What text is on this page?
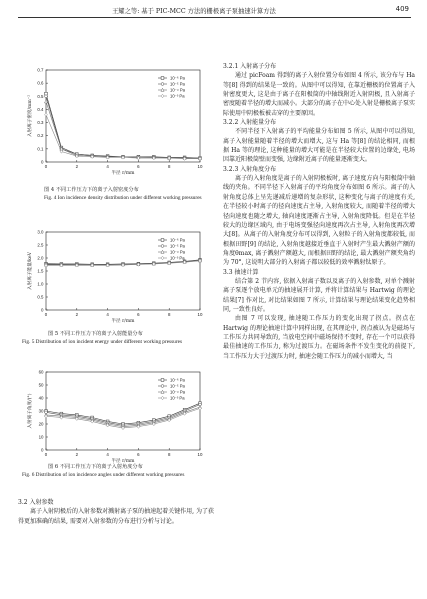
王耀之等: 基于 PIC-MCC 方法的栅极离子泵抽速计算方法	409
0
0.1
0.2
0.3
0.4
0.5
0.6
0.7
0	2	4	6	8	10
半径 r/mm
入射离子密度/mm⁻²
10⁻⁶ Pa
10⁻⁵ Pa
10⁻⁴ Pa
10⁻³ Pa
图 4 不同工作压力下的离子入射密度分布
Fig. 4 Ion incidence density distribution under different working pressures
0
0.5
1.0
1.5
2.0
2.5
3.0
0	2	4	6	8	10
半径 r/mm
入射离子能量/keV
10⁻⁶ Pa
10⁻⁵ Pa
10⁻⁴ Pa
10⁻³ Pa
图 5 不同工作压力下的离子入射能量分布
Fig. 5 Distribution of ion incident energy under different working pressures
0
10
20
30
40
50
60
0	2	4	6	8	10
半径 r/mm
入射离子角度/(°)
10⁻⁶ Pa
10⁻⁵ Pa
10⁻⁴ Pa
10⁻³ Pa
图 6 不同工作压力下的离子入射角度分布
Fig. 6 Distribution of ion incidence angles under different working pressures
3.2 入射参数

离子入射阴极后的入射参数对溅射离子泵的抽速起着关键作用, 为了获得更加准确的结果, 需要对入射参数的分布进行分析与讨论。

3.2.1 入射离子分布

通过 picFoam 得到的离子入射位置分布如图 4 所示, 该分布与 Ha 等[8] 得到的结果是一致的。从图中可以得知, 在靠近栅极的位置离子入射密度更大, 这是由于离子在阳极筒的中轴线附近入射阴极, 且入射离子密度随着半径的增大而减小。大部分的离子在中心处入射是栅极离子泵实际使用中阴极板被击穿的主要原因。

3.2.2 入射能量分布

不同半径下入射离子的平均能量分布如图 5 所示, 从图中可以得知, 离子入射能量随着半径的增大而增大, 这与 Ha 等[8] 的结论相同, 而根据 Ha 等的理论, 这种能量的增大可能是在半径较大位置的边缘处, 电场因靠近阳极筒壁而变强, 边缘附近离子的能量逐渐变大。

3.2.3 入射角度分布

离子的入射角度是离子的入射阴极板时, 离子速度方向与阳极筒中轴线的夹角。不同半径下入射离子的平均角度分布如图 6 所示。离子的入射角度总体上呈先递减后递增的复杂形状, 这种变化与离子的速度有关, 在半径较小时离子的径向速度占主导, 入射角度较大, 而随着半径的增大径向速度也随之增大, 轴向速度逐渐占主导, 入射角度降低。但是在半径较大的边缘区域内, 由于电场变强径向速度再次占主导, 入射角度再次增大[8]。从离子的入射角度分布可以得到, 入射粒子的入射角度都较低, 而根据田野[9] 的结论, 入射角度越接近垂直于入射时产生最大溅射产额的角度θmax, 离子溅射产额越大, 而根据田野的结论, 最大溅射产额夹角约为 70°, 这说明大部分的入射离子都以较低的效率溅射钛原子。

3.3 抽速计算

结合第 2 节内容, 依据入射离子数以及离子的入射参数, 对单个溅射离子泵逐个放电单元的抽速展开计算, 并将计算结果与 Hartwig 的理论结果[7] 作对比, 对比结果如图 7 所示, 计算结果与理论结果变化趋势相同, 一致性良好。

由图 7 可以发现, 抽速随工作压力的变化出现了拐点。拐点在 Hartwig 的理论抽速计算中同样出现, 在其理论中, 拐点被认为是磁场与工作压力共同导致的, 当放电空间中磁场保持不变时, 存在一个可以获得最佳抽速的工作压力, 称为过渡压力。在磁场条件不发生变化的前提下, 当工作压力大于过渡压力时, 抽速会随工作压力的减小而增大, 当
